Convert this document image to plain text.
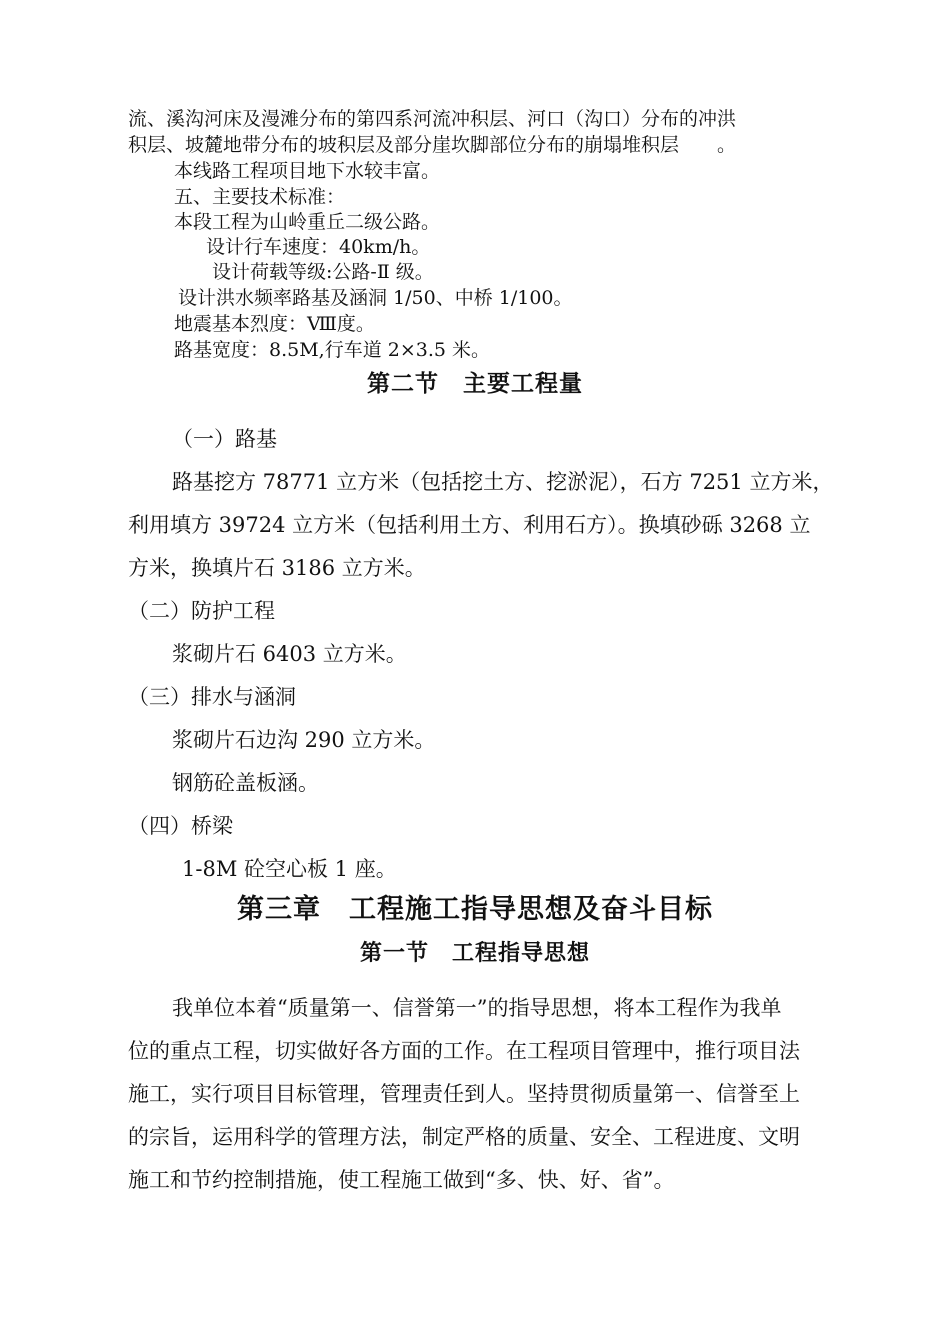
流、溪沟河床及漫滩分布的第四系河流冲积层、河口（沟口）分布的冲洪
积层、坡麓地带分布的坡积层及部分崖坎脚部位分布的崩塌堆积层　　。
本线路工程项目地下水较丰富。
五、主要技术标准：
本段工程为山岭重丘二级公路。
设计行车速度：40km/h。
设计荷载等级:公路-Ⅱ 级。
设计洪水频率路基及涵洞 1/50、中桥 1/100。
地震基本烈度：Ⅷ度。
路基宽度：8.5M,行车道 2×3.5 米。
第二节　主要工程量
（一）路基
路基挖方 78771 立方米（包括挖土方、挖淤泥），石方 7251 立方米，
利用填方 39724 立方米（包括利用土方、利用石方）。换填砂砾 3268 立
方米，换填片石 3186 立方米。
（二）防护工程
浆砌片石 6403 立方米。
（三）排水与涵洞
浆砌片石边沟 290 立方米。
钢筋砼盖板涵。
（四）桥梁
1-8M 砼空心板 1 座。
第三章　工程施工指导思想及奋斗目标
第一节　工程指导思想
我单位本着“质量第一、信誉第一”的指导思想，将本工程作为我单
位的重点工程，切实做好各方面的工作。在工程项目管理中，推行项目法
施工，实行项目目标管理，管理责任到人。坚持贯彻质量第一、信誉至上
的宗旨，运用科学的管理方法，制定严格的质量、安全、工程进度、文明
施工和节约控制措施，使工程施工做到“多、快、好、省”。
